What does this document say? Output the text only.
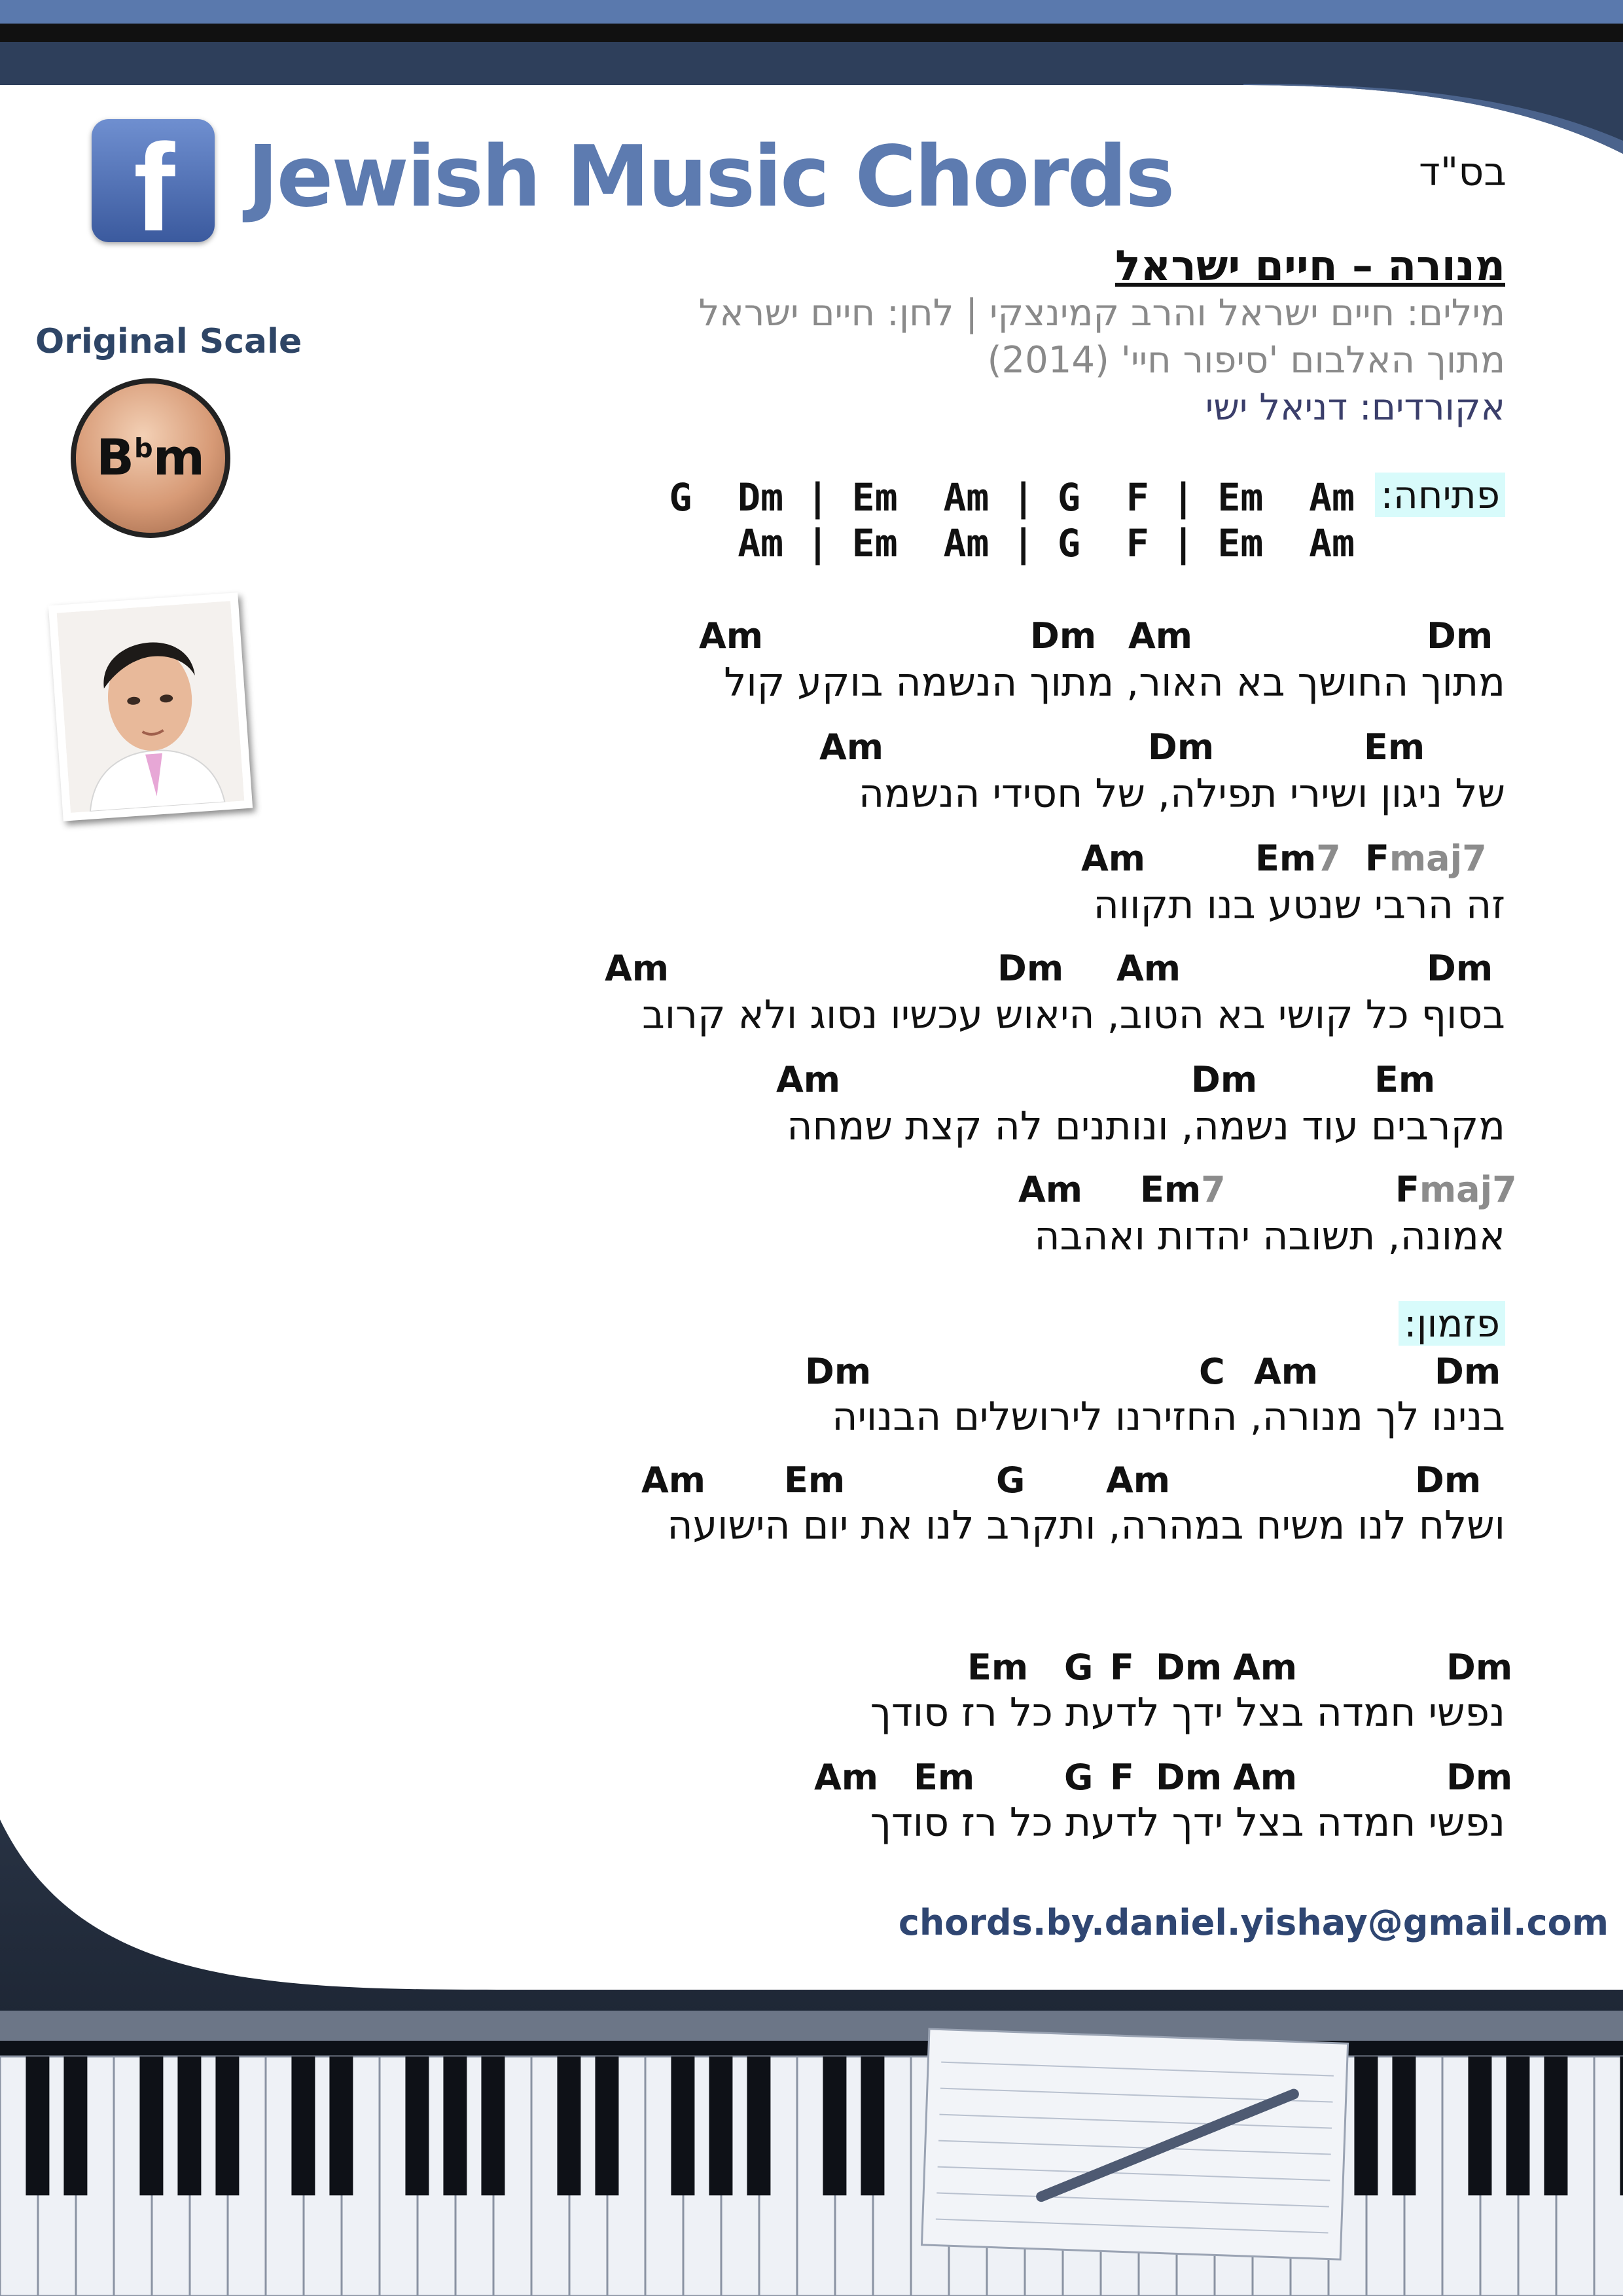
f Jewish Music Chords	בס"ד
מנורה – חיים ישראל
מילים: חיים ישראל והרב קמינצקי | לחן: חיים ישראל
מתוך האלבום 'סיפור חיי' (2014)
אקורדים: דניאל ישי
Original Scale
$B^bm$
פתיחה:
G  Dm | Em  Am | G  F | Em  Am
Am | Em  Am | G  F | Em  Am
Am	Dm Am	Dm
מתוך החושך בא האור, מתוך הנשמה בוקע קול
Am	Dm	Em
של ניגון ושירי תפילה, של חסידי הנשמה
Am	Em7 Fmaj7
זה הרבי שנטע בנו תקווה
Am	Dm Am	Dm
בסוף כל קושי בא הטוב, היאוש עכשיו נסוג ולא קרוב
Am	Dm	Em
מקרבים עוד נשמה, ונותנים לה קצת שמחה
Am Em7	Fmaj7
אמונה, תשובה יהדות ואהבה
פזמון:
Dm	C Am	Dm
בנינו לך מנורה, החזירנו לירושלים הבנויה
Am Em	G Am	Dm
ושלח לנו משיח במהרה, ותקרב לנו את יום הישועה
Em G F Dm Am	Dm
נפשי חמדה בצל ידך לדעת כל רז סודך
Am Em	G F Dm Am	Dm
נפשי חמדה בצל ידך לדעת כל רז סודך
chords.by.daniel.yishay@gmail.com
